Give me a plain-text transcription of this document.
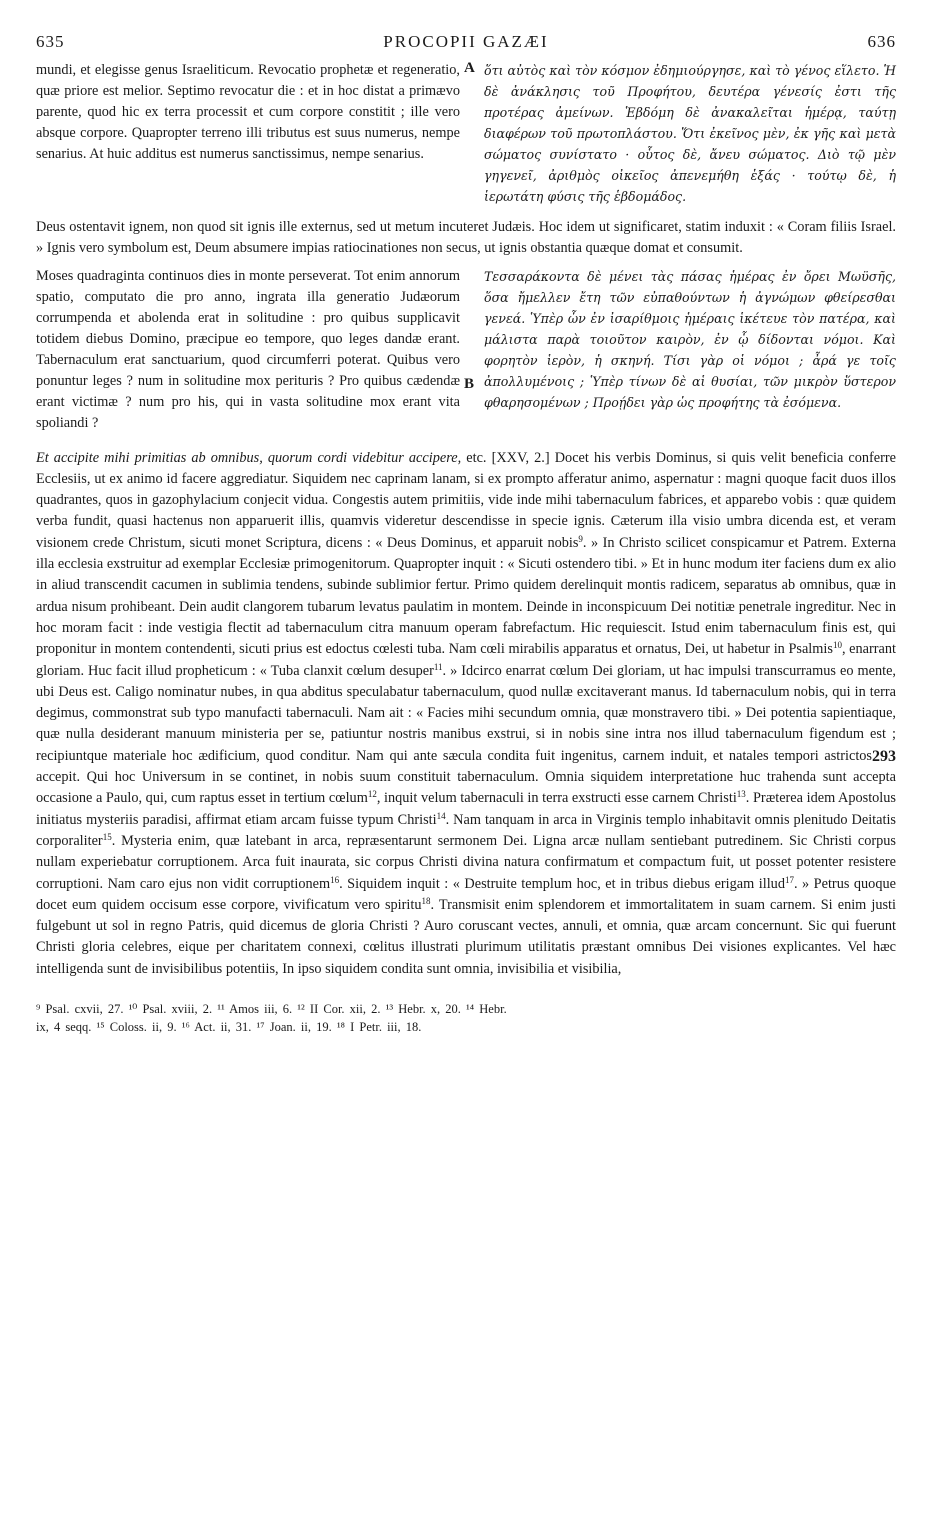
635	PROCOPII GAZÆI	636
mundi, et elegisse genus Israeliticum. Revocatio prophetæ et regeneratio, quæ priore est melior. Septimo revocatur die : et in hoc distat a primævo parente, quod hic ex terra processit et cum corpore constitit ; ille vero absque corpore. Quapropter terreno illi tributus est suus numerus, nempe senarius. At huic additus est numerus sanctissimus, nempe senarius.
A ὅτι αὐτὸς καὶ τὸν κόσμον ἐδημιούργησε, καὶ τὸ γένος εἵλετο. Ἡ δὲ ἀνάκλησις τοῦ Προφήτου, δευτέρα γένεσίς ἐστι τῆς προτέρας ἀμείνων. Ἑβδόμη δὲ ἀνακαλεῖται ἡμέρᾳ, ταύτῃ διαφέρων τοῦ πρωτοπλάστου. Ὅτι ἐκεῖνος μὲν, ἐκ γῆς καὶ μετὰ σώματος συνίστατο · οὗτος δὲ, ἄνευ σώματος. Διὸ τῷ μὲν γηγενεῖ, ἀριθμὸς οἰκεῖος ἀπενεμήθη ἑξάς · τούτῳ δὲ, ἡ ἱερωτάτη φύσις τῆς ἑβδομάδος.

Deus ostentavit ignem, non quod sit ignis ille externus, sed ut metum incuteret Judæis. Hoc idem ut significaret, statim induxit : « Coram filiis Israel. » Ignis vero symbolum est, Deum absumere impias ratiocinationes non secus, ut ignis obstantia quæque domat et consumit.

Moses quadraginta continuos dies in monte perseverat. Tot enim annorum spatio, computato die pro anno, ingrata illa generatio Judæorum corrumpenda et abolenda erat in solitudine : pro quibus supplicavit totidem diebus Domino, præcipue eo tempore, quo leges dandæ erant. Tabernaculum erat sanctuarium, quod circumferri poterat. Quibus vero ponuntur leges ? num in solitudine mox perituris ? Pro quibus cædendæ erant victimæ ? num pro his, qui in vasta solitudine mox erant vita spoliandi ?
B
Τεσσαράκοντα δὲ μένει τὰς πάσας ἡμέρας ἐν ὄρει Μωϋσῆς, ὅσα ἤμελλεν ἔτη τῶν εὐπαθούντων ἡ ἀγνώμων φθείρεσθαι γενεά. Ὑπὲρ ὧν ἐν ἰσαρίθμοις ἡμέραις ἱκέτευε τὸν πατέρα, καὶ μάλιστα παρὰ τοιοῦτον καιρὸν, ἐν ᾧ δίδονται νόμοι. Καὶ φορητὸν ἱερὸν, ἡ σκηνή. Τίσι γὰρ οἱ νόμοι ; ἆρά γε τοῖς ἀπολλυμένοις ; Ὑπὲρ τίνων δὲ αἱ θυσίαι, τῶν μικρὸν ὕστερον φθαρησομένων ; Προῄδει γὰρ ὡς προφήτης τὰ ἐσόμενα.

Et accipite mihi primitias ab omnibus, quorum cordi videbitur accipere, etc. [XXV, 2.] Docet his verbis Dominus, si quis velit beneficia conferre Ecclesiis, ut ex animo id facere aggrediatur. Siquidem nec caprinam lanam, si ex prompto afferatur animo, aspernatur : magni quoque facit duos illos quadrantes, quos in gazophylacium conjecit vidua. Congestis autem primitiis, vide inde mihi tabernaculum fabrices, et apparebo vobis : quæ quidem verba fundit, quasi hactenus non apparuerit illis, quamvis videretur descendisse in specie ignis. Cæterum illa visio umbra dicenda est, et veram visionem crede Christum, sicuti monet Scriptura, dicens : « Deus Dominus, et apparuit nobis$^9$. » In Christo scilicet conspicamur et Patrem. Externa illa ecclesia exstruitur ad exemplar Ecclesiæ primogenitorum. Quapropter inquit : « Sicuti ostendero tibi. » Et in hunc modum iter faciens dum ex alio in aliud transcendit cacumen in sublimia tendens, subinde sublimior fertur. Primo quidem derelinquit montis radicem, separatus ab omnibus, quæ in ardua nisum prohibeant. Dein audit clangorem tubarum levatus paulatim in montem. Deinde in inconspicuum Dei notitiæ penetrale ingreditur. Nec in hoc moram facit : inde vestigia flectit ad tabernaculum citra manuum operam fabrefactum. Hic requiescit. Istud enim tabernaculum finis est, qui proponitur in montem contendenti, sicuti prius est edoctus cœlesti tuba. Nam cœli mirabilis apparatus et ornatus, Dei, ut habetur in Psalmis$^{10}$, enarrant gloriam. Huc facit illud propheticum : « Tuba clanxit cœlum desuper$^{11}$. » Idcirco enarrat cœlum Dei gloriam, ut hac impulsi transcurramus eo mente, ubi Deus est. Caligo nominatur nubes, in qua abditus speculabatur tabernaculum, quod nullæ excitaverant manus. Id tabernaculum nobis, qui in terra degimus, commonstrat sub typo manufacti tabernaculi. Nam ait : « Facies mihi secundum omnia, quæ monstravero tibi. » Dei potentia sapientiaque, quæ nulla desiderant manuum ministeria per se, patiuntur nostris manibus exstrui, si in nobis sine intra nos illud tabernaculum figendum est ; recipiuntque materiale hoc ædificium, quod conditur.	293
Nam qui ante sæcula condita fuit ingenitus, carnem induit, et natales tempori astrictos accepit. Qui hoc Universum in se continet, in nobis suum constituit tabernaculum. Omnia siquidem interpretatione huc trahenda sunt accepta occasione a Paulo, qui, cum raptus esset in tertium cœlum$^{12}$, inquit velum tabernaculi in terra exstructi esse carnem Christi$^{13}$. Præterea idem Apostolus initiatus mysteriis paradisi, affirmat etiam arcam fuisse typum Christi$^{14}$. Nam tanquam in arca in Virginis templo inhabitavit omnis plenitudo Deitatis corporaliter$^{15}$. Mysteria enim, quæ latebant in arca, repræsentarunt sermonem Dei. Ligna arcæ nullam sentiebant putredinem. Sic Christi corpus nullam experiebatur corruptionem. Arca fuit inaurata, sic corpus Christi divina natura confirmatum et compactum fuit, ut posset potenter resistere corruptioni. Nam caro ejus non vidit corruptionem$^{16}$. Siquidem inquit : « Destruite templum hoc, et in tribus diebus erigam illud$^{17}$. » Petrus quoque docet eum quidem occisum esse corpore, vivificatum vero spiritu$^{18}$. Transmisit enim splendorem et immortalitatem in suam carnem. Si enim justi fulgebunt ut sol in regno Patris, quid dicemus de gloria Christi ? Auro coruscant vectes, annuli, et omnia, quæ arcam concernunt. Sic qui fuerunt Christi gloria celebres, eique per charitatem connexi, cœlitus illustrati plurimum utilitatis præstant omnibus Dei visiones explicantes. Vel hæc intelligenda sunt de invisibilibus potentiis, In ipso siquidem condita sunt omnia, invisibilia et visibilia,

⁹ Psal. cxvii, 27. ¹⁰ Psal. xviii, 2. ¹¹ Amos iii, 6. ¹² II Cor. xii, 2. ¹³ Hebr. x, 20. ¹⁴ Hebr.
ix, 4 seqq. ¹⁵ Coloss. ii, 9. ¹⁶ Act. ii, 31. ¹⁷ Joan. ii, 19. ¹⁸ I Petr. iii, 18.
